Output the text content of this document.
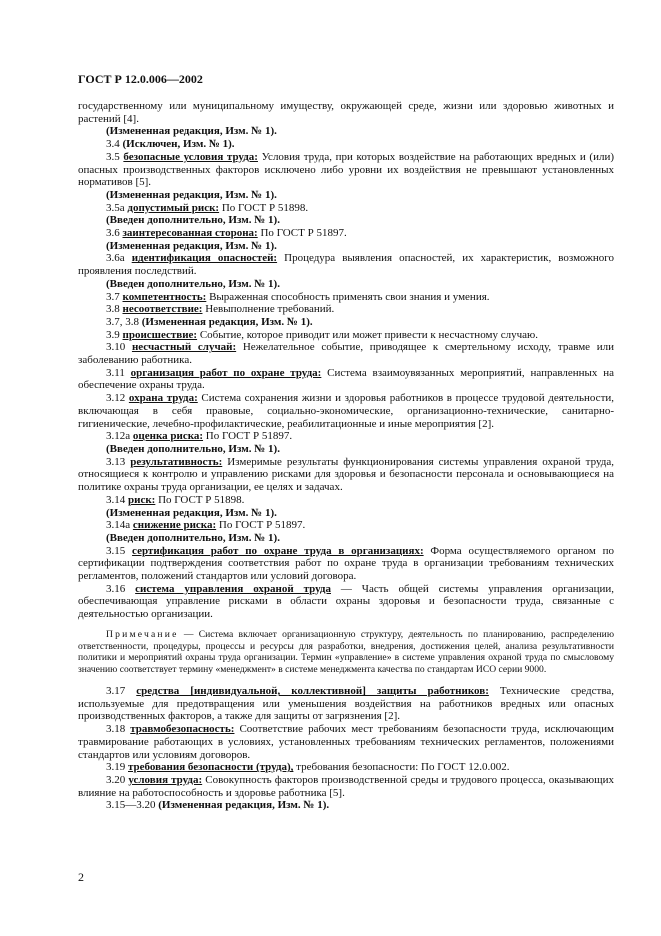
ГОСТ Р 12.0.006—2002

государственному или муниципальному имуществу, окружающей среде, жизни или здоровью животных и растений [4].

(Измененная редакция, Изм. № 1).

3.4 (Исключен, Изм. № 1).

3.5 безопасные условия труда: Условия труда, при которых воздействие на работающих вредных и (или) опасных производственных факторов исключено либо уровни их воздействия не превышают установленных нормативов [5].

(Измененная редакция, Изм. № 1).

3.5а допустимый риск: По ГОСТ Р 51898.

(Введен дополнительно, Изм. № 1).

3.6 заинтересованная сторона: По ГОСТ Р 51897.

(Измененная редакция, Изм. № 1).

3.6а идентификация опасностей: Процедура выявления опасностей, их характеристик, возможного проявления последствий.

(Введен дополнительно, Изм. № 1).

3.7 компетентность: Выраженная способность применять свои знания и умения.

3.8 несоответствие: Невыполнение требований.

3.7, 3.8 (Измененная редакция, Изм. № 1).

3.9 происшествие: Событие, которое приводит или может привести к несчастному случаю.

3.10 несчастный случай: Нежелательное событие, приводящее к смертельному исходу, травме или заболеванию работника.

3.11 организация работ по охране труда: Система взаимоувязанных мероприятий, направленных на обеспечение охраны труда.

3.12 охрана труда: Система сохранения жизни и здоровья работников в процессе трудовой деятельности, включающая в себя правовые, социально-экономические, организационно-технические, санитарно-гигиенические, лечебно-профилактические, реабилитационные и иные мероприятия [2].

3.12а оценка риска: По ГОСТ Р 51897.

(Введен дополнительно, Изм. № 1).

3.13 результативность: Измеримые результаты функционирования системы управления охраной труда, относящиеся к контролю и управлению рисками для здоровья и безопасности персонала и основывающиеся на политике охраны труда организации, ее целях и задачах.

3.14 риск: По ГОСТ Р 51898.

(Измененная редакция, Изм. № 1).

3.14а снижение риска: По ГОСТ Р 51897.

(Введен дополнительно, Изм. № 1).

3.15 сертификация работ по охране труда в организациях: Форма осуществляемого органом по сертификации подтверждения соответствия работ по охране труда в организации требованиям технических регламентов, положений стандартов или условий договора.

3.16 система управления охраной труда — Часть общей системы управления организации, обеспечивающая управление рисками в области охраны здоровья и безопасности труда, связанные с деятельностью организации.

Примечание — Система включает организационную структуру, деятельность по планированию, распределению ответственности, процедуры, процессы и ресурсы для разработки, внедрения, достижения целей, анализа результативности политики и мероприятий охраны труда организации. Термин «управление» в системе управления охраной труда по смысловому значению соответствует термину «менеджмент» в системе менеджмента качества по стандартам ИСО серии 9000.

3.17 средства [индивидуальной, коллективной] защиты работников: Технические средства, используемые для предотвращения или уменьшения воздействия на работников вредных или опасных производственных факторов, а также для защиты от загрязнения [2].

3.18 травмобезопасность: Соответствие рабочих мест требованиям безопасности труда, исключающим травмирование работающих в условиях, установленных требованиям технических регламентов, положениями стандартов или условиям договоров.

3.19 требования безопасности (труда), требования безопасности: По ГОСТ 12.0.002.

3.20 условия труда: Совокупность факторов производственной среды и трудового процесса, оказывающих влияние на работоспособность и здоровье работника [5].

3.15—3.20 (Измененная редакция, Изм. № 1).

2
